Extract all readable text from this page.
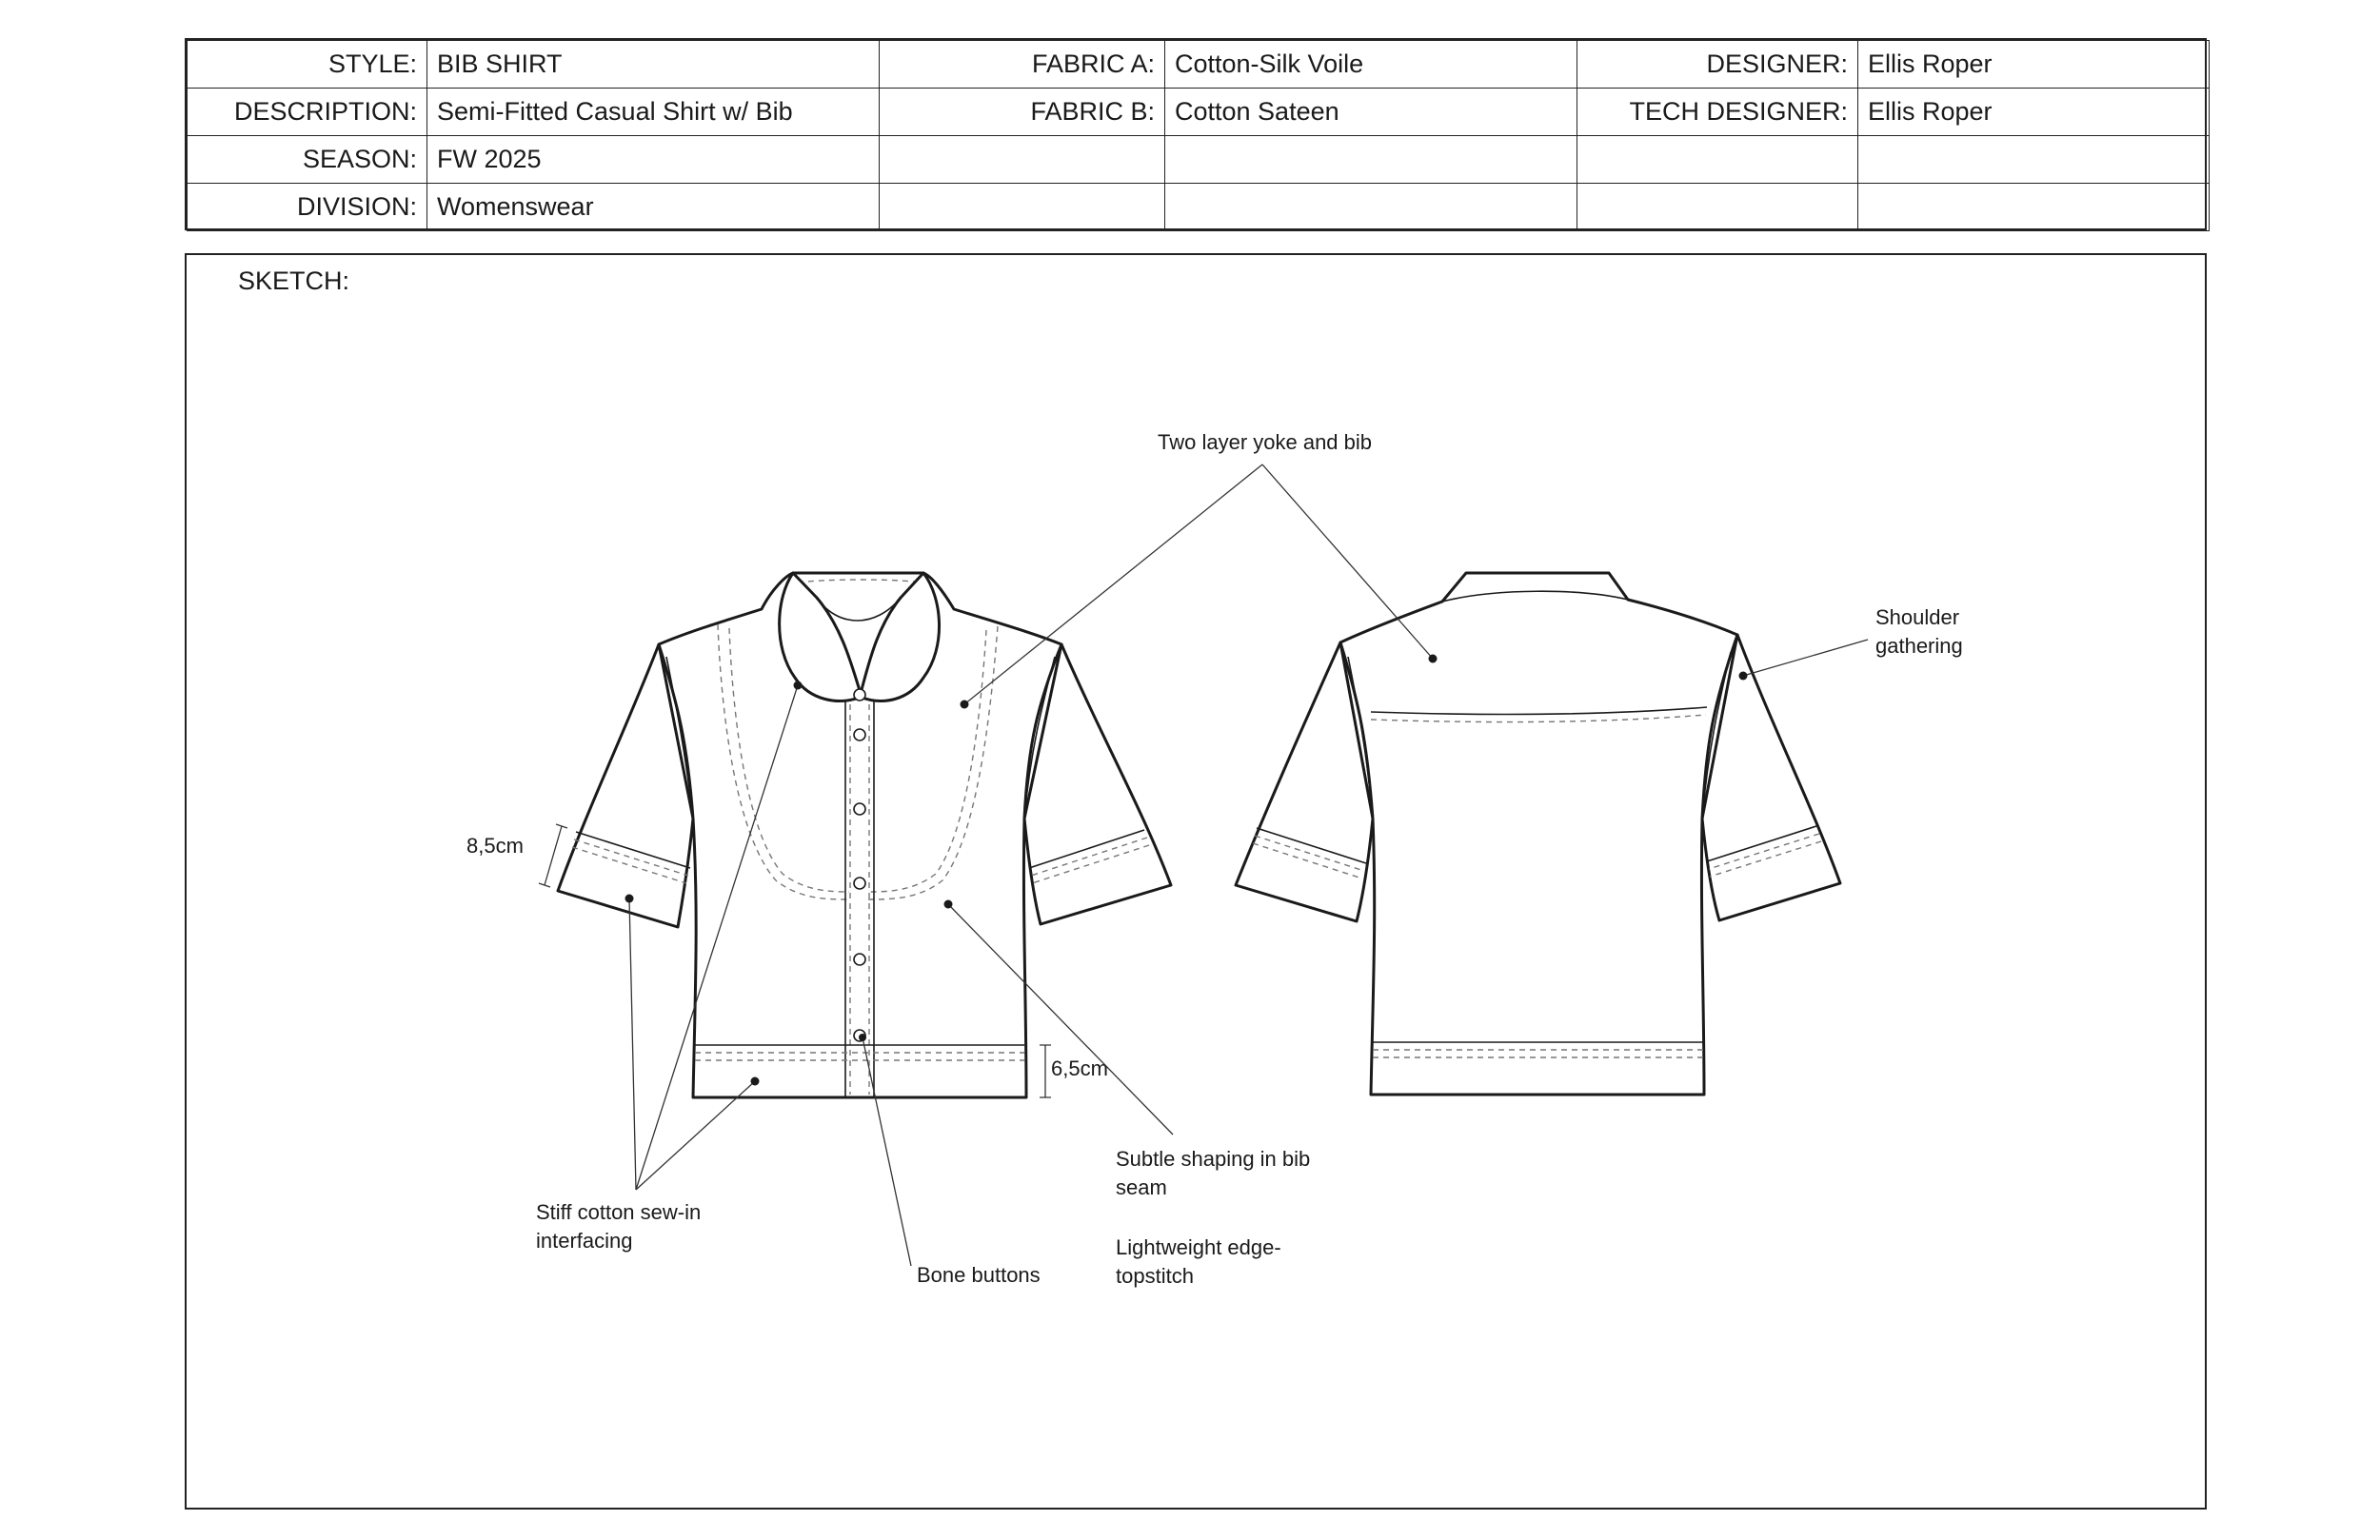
STYLE:	BIB SHIRT	FABRIC A:	Cotton-Silk Voile	DESIGNER:	Ellis Roper
DESCRIPTION:	Semi-Fitted Casual Shirt w/ Bib	FABRIC B:	Cotton Sateen	TECH DESIGNER:	Ellis Roper
SEASON:	FW 2025				
DIVISION:	Womenswear				
SKETCH:
Two layer yoke and bib
Shoulder
gathering
8,5cm
6,5cm
Stiff cotton sew-in
interfacing
Bone buttons
Subtle shaping in bib
seam
Lightweight edge-
topstitch
